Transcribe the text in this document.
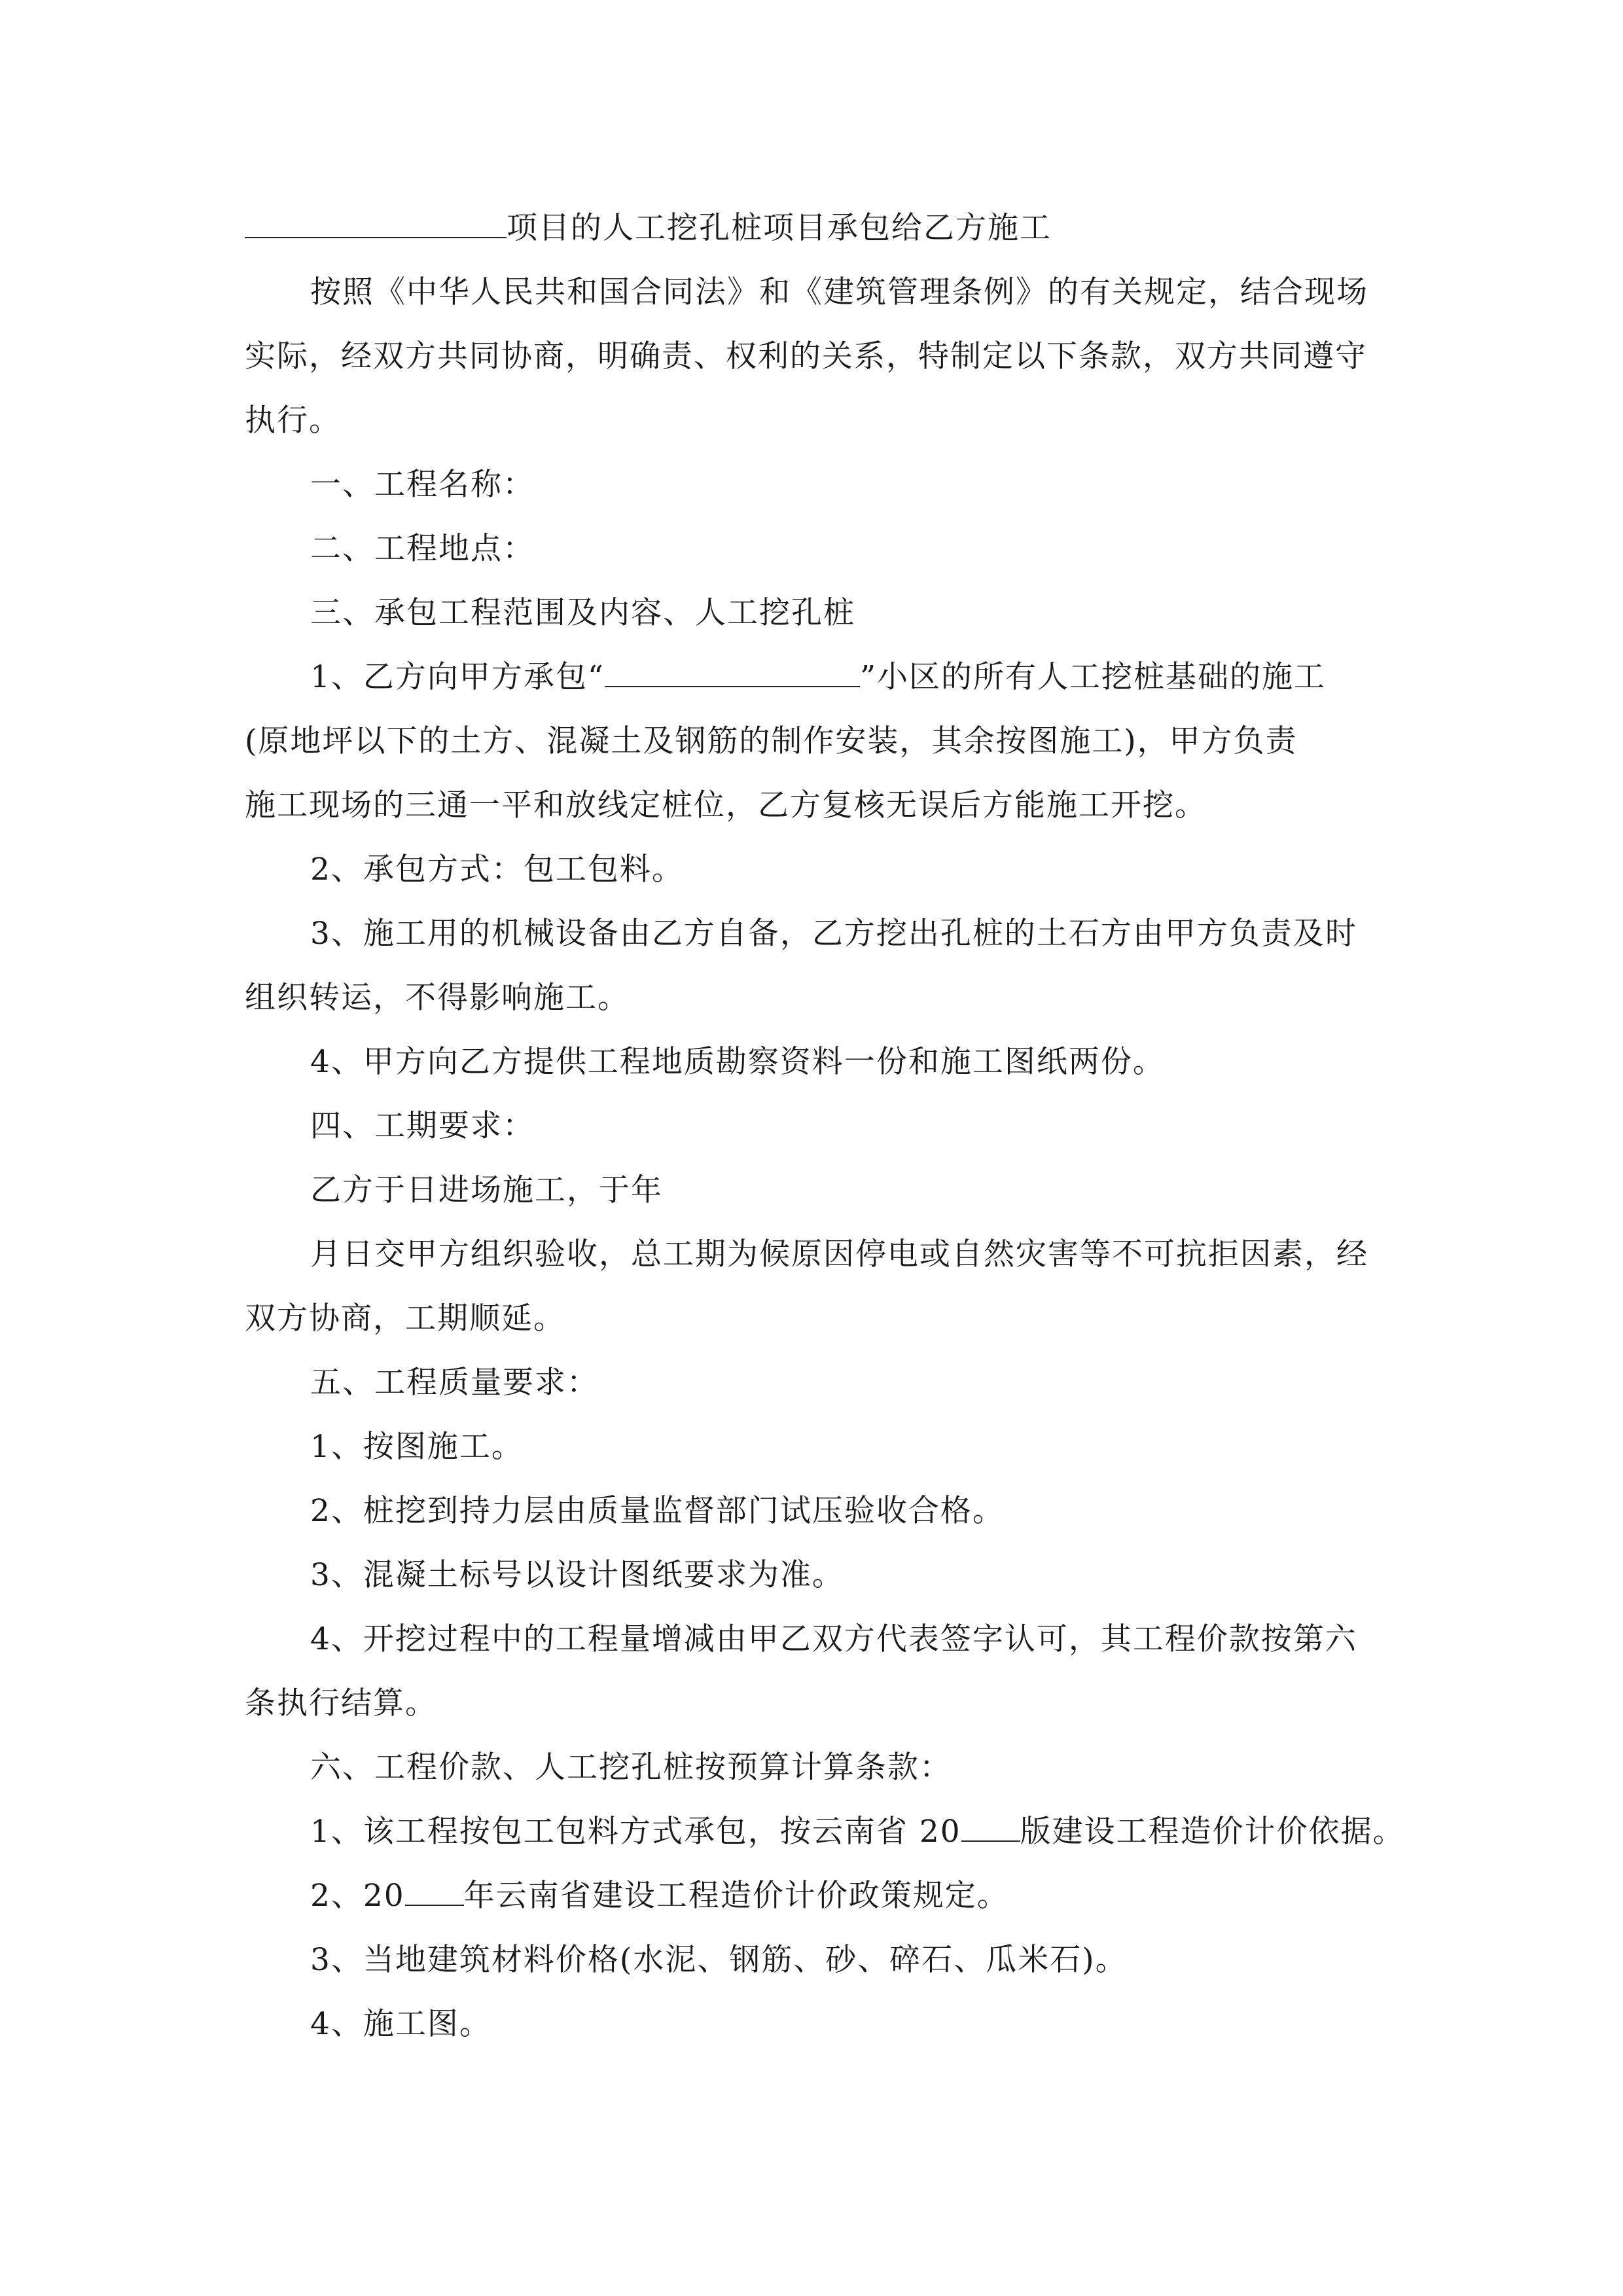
项目的人工挖孔桩项目承包给乙方施工
按照《中华人民共和国合同法》和《建筑管理条例》的有关规定，结合现场
实际，经双方共同协商，明确责、权利的关系，特制定以下条款，双方共同遵守
执行。
一、工程名称：
二、工程地点：
三、承包工程范围及内容、人工挖孔桩
1、乙方向甲方承包“	”小区的所有人工挖桩基础的施工
(原地坪以下的土方、混凝土及钢筋的制作安装，其余按图施工)，甲方负责
施工现场的三通一平和放线定桩位，乙方复核无误后方能施工开挖。
2、承包方式：包工包料。
3、施工用的机械设备由乙方自备，乙方挖出孔桩的土石方由甲方负责及时
组织转运，不得影响施工。
4、甲方向乙方提供工程地质勘察资料一份和施工图纸两份。
四、工期要求：
乙方于日进场施工，于年
月日交甲方组织验收，总工期为候原因停电或自然灾害等不可抗拒因素，经
双方协商，工期顺延。
五、工程质量要求：
1、按图施工。
2、桩挖到持力层由质量监督部门试压验收合格。
3、混凝土标号以设计图纸要求为准。
4、开挖过程中的工程量增减由甲乙双方代表签字认可，其工程价款按第六
条执行结算。
六、工程价款、人工挖孔桩按预算计算条款：
1、该工程按包工包料方式承包，按云南省 20 版建设工程造价计价依据。
2、20 年云南省建设工程造价计价政策规定。
3、当地建筑材料价格(水泥、钢筋、砂、碎石、瓜米石)。
4、施工图。
